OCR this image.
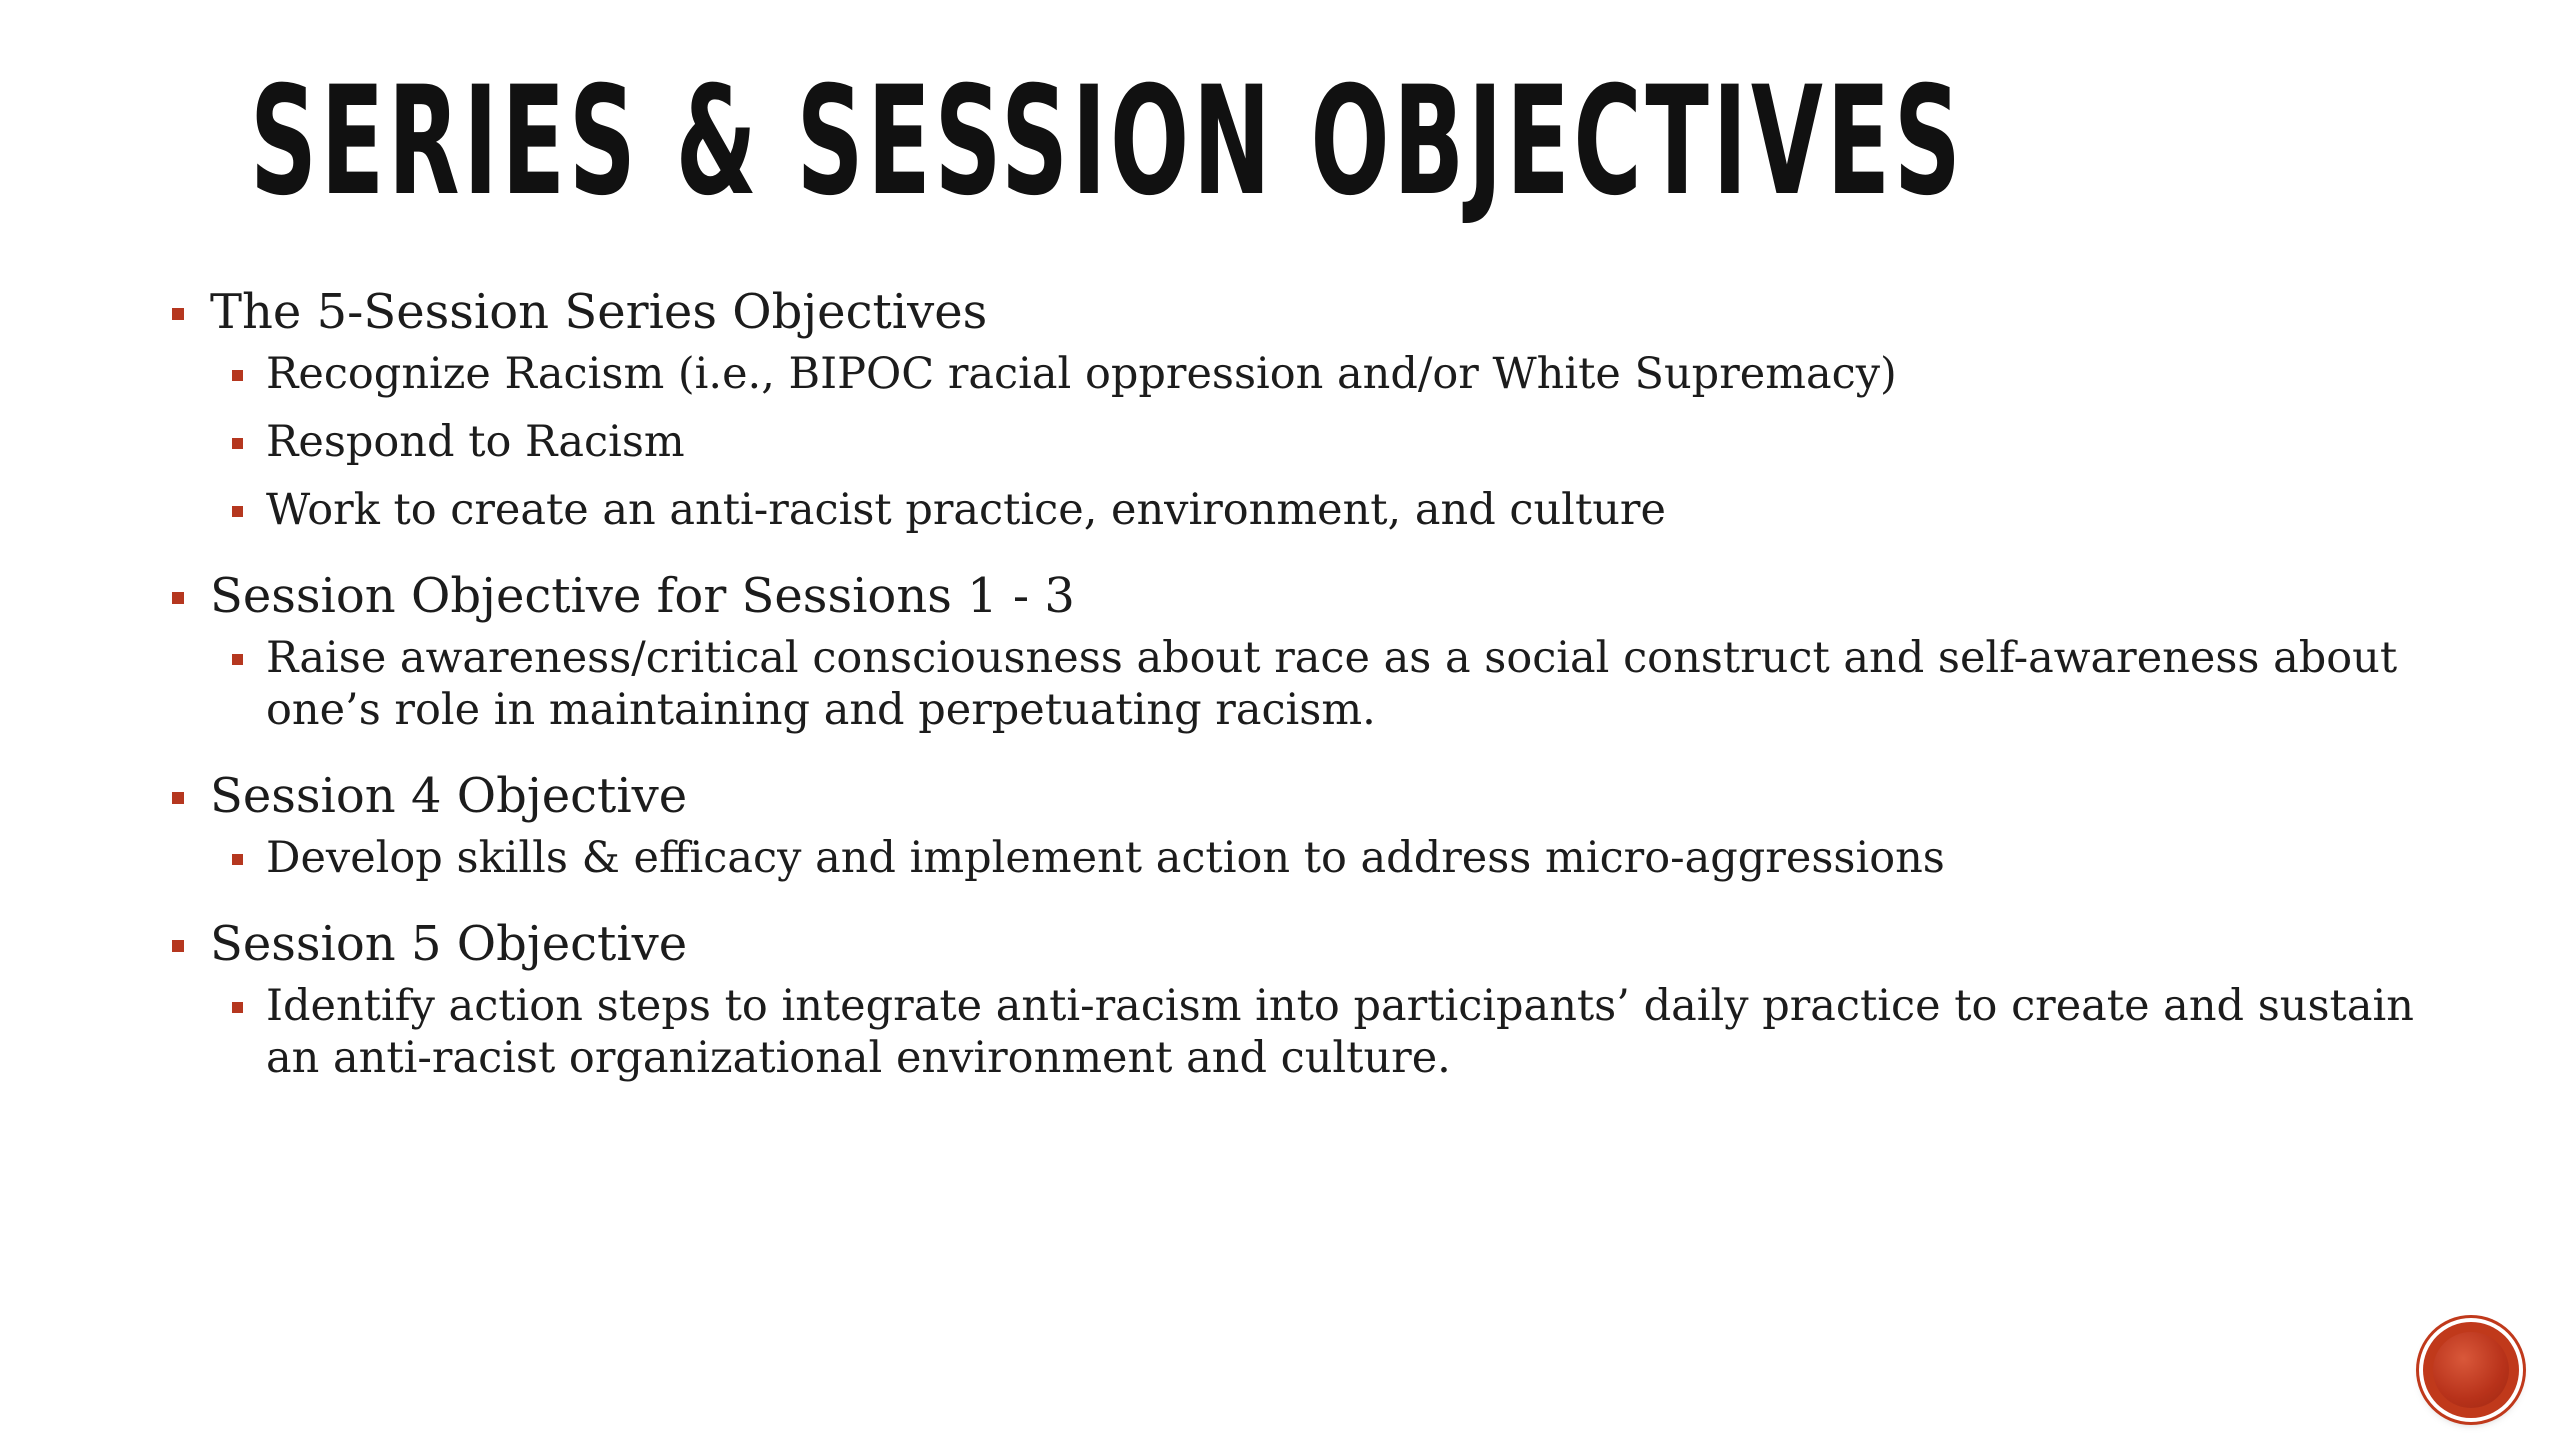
SERIES & SESSION OBJECTIVES
The 5-Session Series Objectives
Recognize Racism (i.e., BIPOC racial oppression and/or White Supremacy)
Respond to Racism
Work to create an anti-racist practice, environment, and culture
Session Objective for Sessions 1 - 3
Raise awareness/critical consciousness about race as a social construct and self-awareness about one’s role in maintaining and perpetuating racism.
Session 4 Objective
Develop skills & efficacy and implement action to address micro-aggressions
Session 5 Objective
Identify action steps to integrate anti-racism into participants’ daily practice to create and sustain an anti-racist organizational environment and culture.
